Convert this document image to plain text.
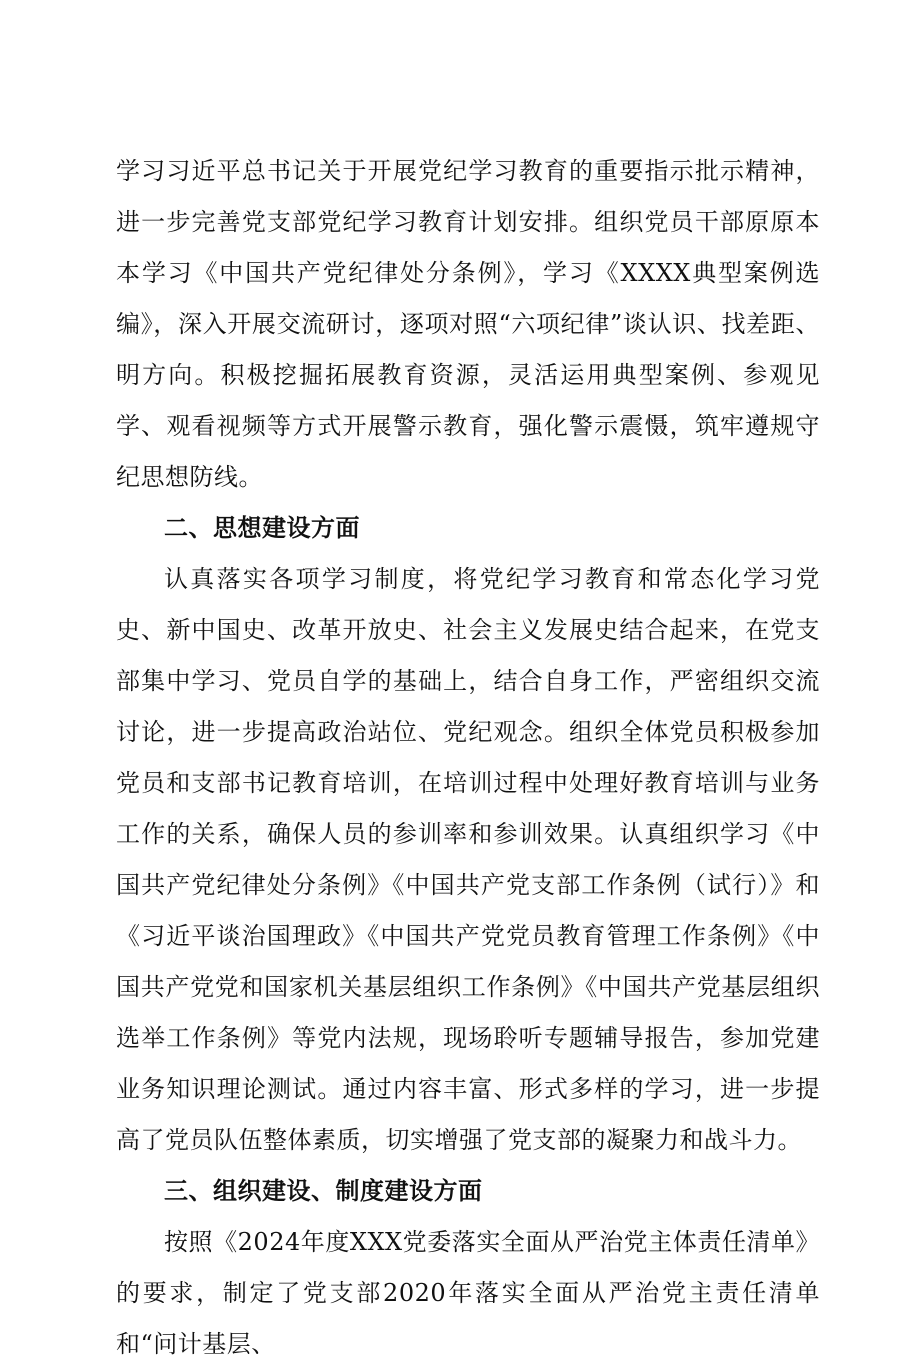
学习习近平总书记关于开展党纪学习教育的重要指示批示精神，进一步完善党支部党纪学习教育计划安排。组织党员干部原原本本学习《中国共产党纪律处分条例》，学习《XXXX典型案例选编》，深入开展交流研讨，逐项对照“六项纪律”谈认识、找差距、明方向。积极挖掘拓展教育资源，灵活运用典型案例、参观见学、观看视频等方式开展警示教育，强化警示震慑，筑牢遵规守纪思想防线。

二、思想建设方面

认真落实各项学习制度，将党纪学习教育和常态化学习党史、新中国史、改革开放史、社会主义发展史结合起来，在党支部集中学习、党员自学的基础上，结合自身工作，严密组织交流讨论，进一步提高政治站位、党纪观念。组织全体党员积极参加党员和支部书记教育培训，在培训过程中处理好教育培训与业务工作的关系，确保人员的参训率和参训效果。认真组织学习《中国共产党纪律处分条例》《中国共产党支部工作条例（试行）》和《习近平谈治国理政》《中国共产党党员教育管理工作条例》《中国共产党党和国家机关基层组织工作条例》《中国共产党基层组织选举工作条例》等党内法规，现场聆听专题辅导报告，参加党建业务知识理论测试。通过内容丰富、形式多样的学习，进一步提高了党员队伍整体素质，切实增强了党支部的凝聚力和战斗力。

三、组织建设、制度建设方面

按照《2024年度XXX党委落实全面从严治党主体责任清单》的要求，制定了党支部2020年落实全面从严治党主责任清单和“问计基层、
